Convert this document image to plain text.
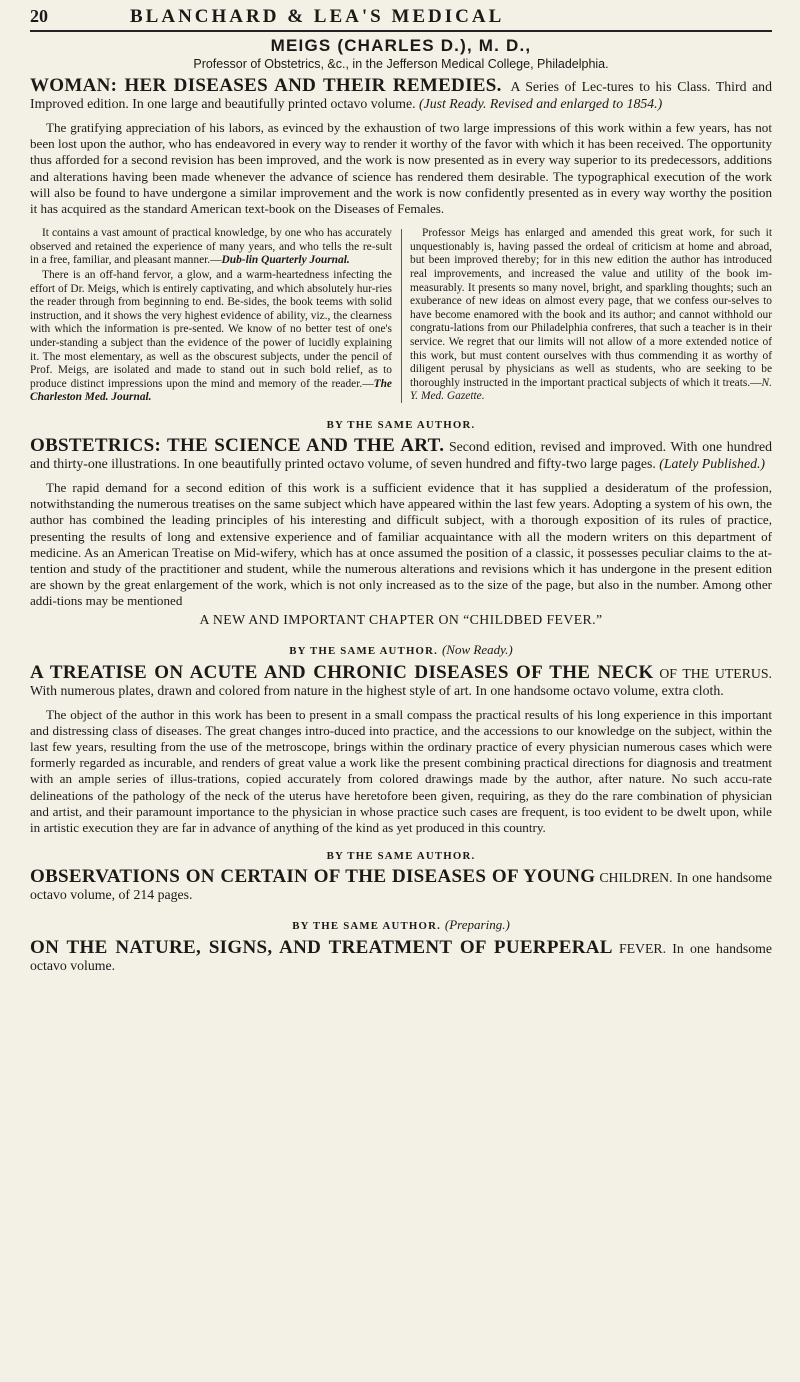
20	BLANCHARD & LEA'S MEDICAL
MEIGS (CHARLES D.), M. D.,
Professor of Obstetrics, &c., in the Jefferson Medical College, Philadelphia.
WOMAN: HER DISEASES AND THEIR REMEDIES. A Series of Lec-tures to his Class. Third and Improved edition. In one large and beautifully printed octavo volume. (Just Ready. Revised and enlarged to 1854.)
The gratifying appreciation of his labors, as evinced by the exhaustion of two large impressions of this work within a few years, has not been lost upon the author, who has endeavored in every way to render it worthy of the favor with which it has been received. The opportunity thus afforded for a second revision has been improved, and the work is now presented as in every way superior to its predecessors, additions and alterations having been made whenever the advance of science has rendered them desirable. The typographical execution of the work will also be found to have undergone a similar improvement and the work is now confidently presented as in every way worthy the position it has acquired as the standard American text-book on the Diseases of Females.

It contains a vast amount of practical knowledge, by one who has accurately observed and retained the experience of many years, and who tells the re-sult in a free, familiar, and pleasant manner.—Dub-lin Quarterly Journal.

There is an off-hand fervor, a glow, and a warm-heartedness infecting the effort of Dr. Meigs, which is entirely captivating, and which absolutely hur-ries the reader through from beginning to end. Be-sides, the book teems with solid instruction, and it shows the very highest evidence of ability, viz., the clearness with which the information is pre-sented. We know of no better test of one's under-standing a subject than the evidence of the power of lucidly explaining it. The most elementary, as well as the obscurest subjects, under the pencil of Prof. Meigs, are isolated and made to stand out in such bold relief, as to produce distinct impressions upon the mind and memory of the reader.—The Charleston Med. Journal.

Professor Meigs has enlarged and amended this great work, for such it unquestionably is, having passed the ordeal of criticism at home and abroad, but been improved thereby; for in this new edition the author has introduced real improvements, and increased the value and utility of the book im-measurably. It presents so many novel, bright, and sparkling thoughts; such an exuberance of new ideas on almost every page, that we confess our-selves to have become enamored with the book and its author; and cannot withhold our congratu-lations from our Philadelphia confreres, that such a teacher is in their service. We regret that our limits will not allow of a more extended notice of this work, but must content ourselves with thus commending it as worthy of diligent perusal by physicians as well as students, who are seeking to be thoroughly instructed in the important practical subjects of which it treats.—N. Y. Med. Gazette.

BY THE SAME AUTHOR.
OBSTETRICS: THE SCIENCE AND THE ART. Second edition, revised and improved. With one hundred and thirty-one illustrations. In one beautifully printed octavo volume, of seven hundred and fifty-two large pages. (Lately Published.)
The rapid demand for a second edition of this work is a sufficient evidence that it has supplied a desideratum of the profession, notwithstanding the numerous treatises on the same subject which have appeared within the last few years. Adopting a system of his own, the author has combined the leading principles of his interesting and difficult subject, with a thorough exposition of its rules of practice, presenting the results of long and extensive experience and of familiar acquaintance with all the modern writers on this department of medicine. As an American Treatise on Mid-wifery, which has at once assumed the position of a classic, it possesses peculiar claims to the at-tention and study of the practitioner and student, while the numerous alterations and revisions which it has undergone in the present edition are shown by the great enlargement of the work, which is not only increased as to the size of the page, but also in the number. Among other addi-tions may be mentioned
A NEW AND IMPORTANT CHAPTER ON “CHILDBED FEVER.”
BY THE SAME AUTHOR. (Now Ready.)
A TREATISE ON ACUTE AND CHRONIC DISEASES OF THE NECK OF THE UTERUS. With numerous plates, drawn and colored from nature in the highest style of art. In one handsome octavo volume, extra cloth.
The object of the author in this work has been to present in a small compass the practical results of his long experience in this important and distressing class of diseases. The great changes intro-duced into practice, and the accessions to our knowledge on the subject, within the last few years, resulting from the use of the metroscope, brings within the ordinary practice of every physician numerous cases which were formerly regarded as incurable, and renders of great value a work like the present combining practical directions for diagnosis and treatment with an ample series of illus-trations, copied accurately from colored drawings made by the author, after nature. No such accu-rate delineations of the pathology of the neck of the uterus have heretofore been given, requiring, as they do the rare combination of physician and artist, and their paramount importance to the physician in whose practice such cases are frequent, is too evident to be dwelt upon, while in artistic execution they are far in advance of anything of the kind as yet produced in this country.
BY THE SAME AUTHOR.
OBSERVATIONS ON CERTAIN OF THE DISEASES OF YOUNG CHILDREN. In one handsome octavo volume, of 214 pages.
BY THE SAME AUTHOR. (Preparing.)
ON THE NATURE, SIGNS, AND TREATMENT OF PUERPERAL FEVER. In one handsome octavo volume.
